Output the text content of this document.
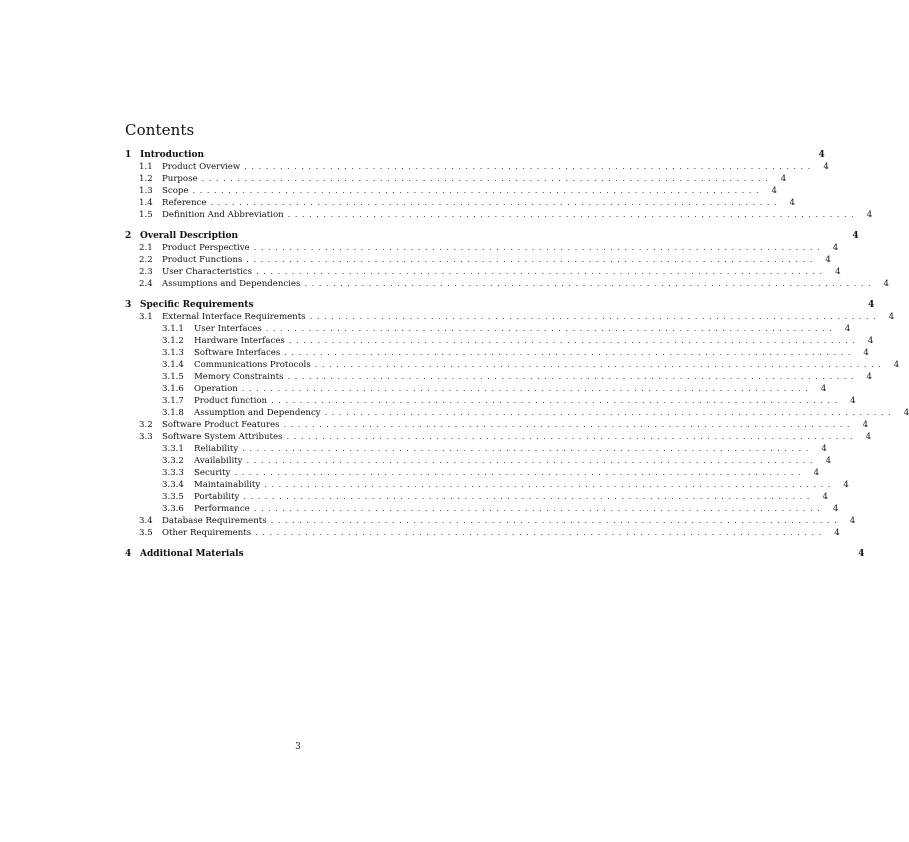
Contents
1 Introduction	4
1.1	Product Overview ................................................................................ 4
1.2	Purpose ................................................................................ 4
1.3	Scope ................................................................................ 4
1.4	Reference ................................................................................ 4
1.5	Definition And Abbreviation ................................................................................ 4
2 Overall Description	4
2.1	Product Perspective ................................................................................ 4
2.2	Product Functions ................................................................................ 4
2.3	User Characteristics ................................................................................ 4
2.4	Assumptions and Dependencies ................................................................................ 4
3 Specific Requirements	4
3.1	External Interface Requirements ................................................................................ 4
3.1.1	User Interfaces ................................................................................ 4
3.1.2	Hardware Interfaces ................................................................................ 4
3.1.3	Software Interfaces ................................................................................ 4
3.1.4	Communications Protocols ................................................................................ 4
3.1.5	Memory Constraints ................................................................................ 4
3.1.6	Operation ................................................................................ 4
3.1.7	Product function ................................................................................ 4
3.1.8	Assumption and Dependency ................................................................................ 4
3.2	Software Product Features ................................................................................ 4
3.3	Software System Attributes ................................................................................ 4
3.3.1	Reliability ................................................................................ 4
3.3.2	Availability ................................................................................ 4
3.3.3	Security ................................................................................ 4
3.3.4	Maintainability ................................................................................ 4
3.3.5	Portability ................................................................................ 4
3.3.6	Performance ................................................................................ 4
3.4	Database Requirements ................................................................................ 4
3.5	Other Requirements ................................................................................ 4
4 Additional Materials	4
3
